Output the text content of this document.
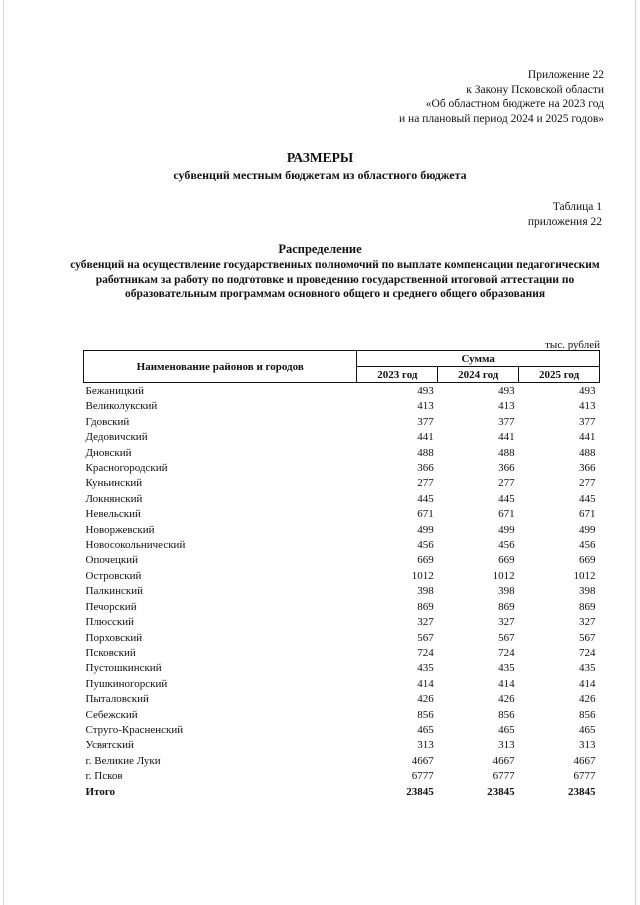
Приложение 22
к Закону Псковской области
«Об областном бюджете на 2023 год
и на плановый период 2024 и 2025 годов»
РАЗМЕРЫ
субвенций местным бюджетам из областного бюджета
Таблица 1
приложения 22
Распределение
субвенций на осуществление государственных полномочий по выплате компенсации педагогическим работникам за работу по подготовке и проведению государственной итоговой аттестации по образовательным программам основного общего и среднего общего образования
тыс. рублей
Наименование районов и городов	Сумма		
	2023 год	2024 год	2025 год
Бежаницкий	493	493	493
Великолукский	413	413	413
Гдовский	377	377	377
Дедовичский	441	441	441
Дновский	488	488	488
Красногородский	366	366	366
Куньинский	277	277	277
Локнянский	445	445	445
Невельский	671	671	671
Новоржевский	499	499	499
Новосокольнический	456	456	456
Опочецкий	669	669	669
Островский	1012	1012	1012
Палкинский	398	398	398
Печорский	869	869	869
Плюсский	327	327	327
Порховский	567	567	567
Псковский	724	724	724
Пустошкинский	435	435	435
Пушкиногорский	414	414	414
Пыталовский	426	426	426
Себежский	856	856	856
Струго-Красненский	465	465	465
Усвятский	313	313	313
г. Великие Луки	4667	4667	4667
г. Псков	6777	6777	6777
Итого	23845	23845	23845
